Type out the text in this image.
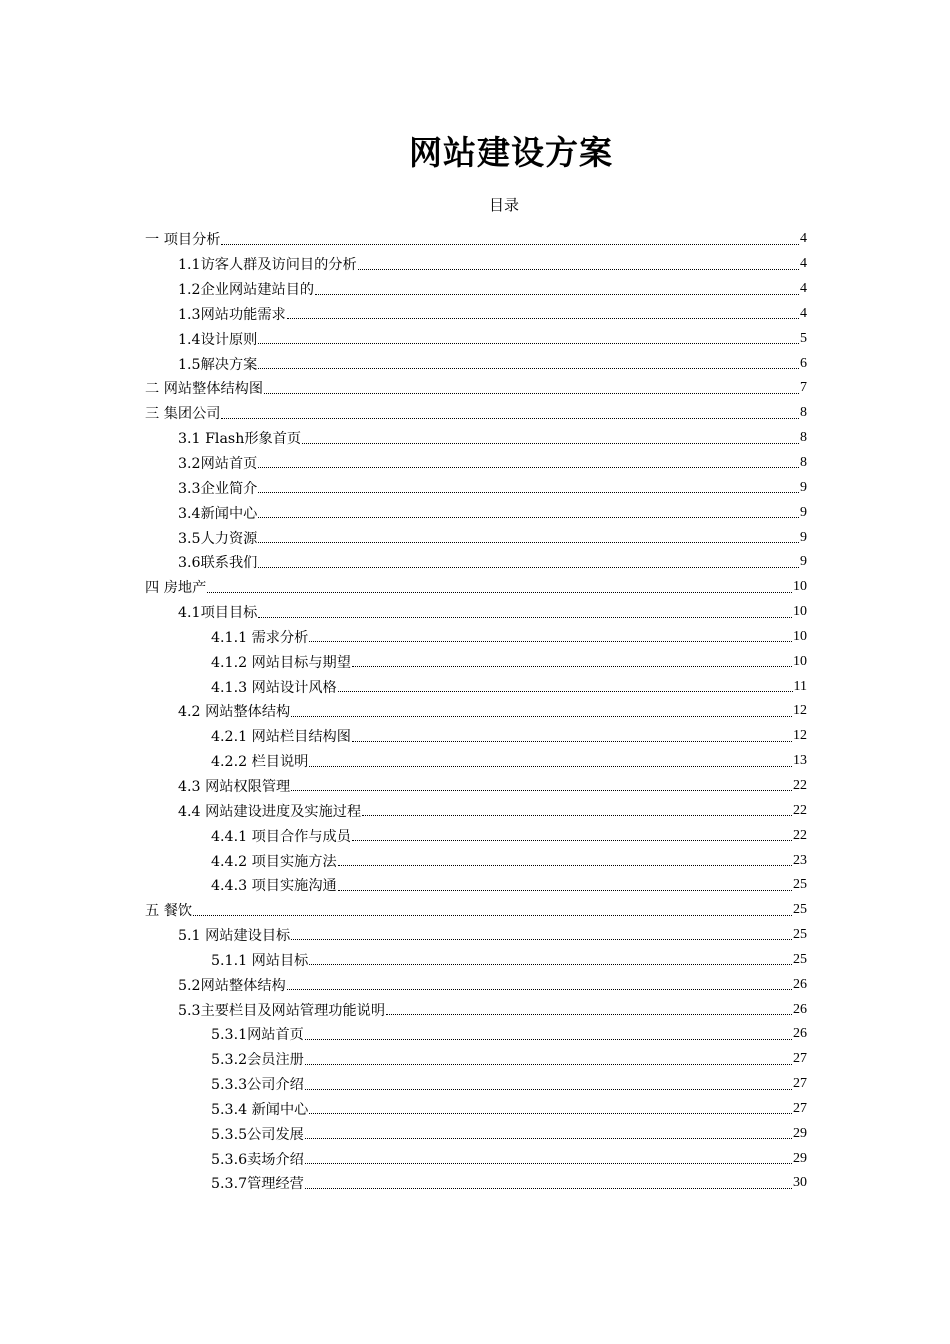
网站建设方案
目录
一 项目分析	4
1.1访客人群及访问目的分析	4
1.2企业网站建站目的	4
1.3网站功能需求	4
1.4设计原则	5
1.5解决方案	6
二 网站整体结构图	7
三 集团公司	8
3.1 Flash形象首页	8
3.2网站首页	8
3.3企业简介	9
3.4新闻中心	9
3.5人力资源	9
3.6联系我们	9
四 房地产	10
4.1项目目标	10
4.1.1 需求分析	10
4.1.2 网站目标与期望	10
4.1.3 网站设计风格	11
4.2 网站整体结构	12
4.2.1 网站栏目结构图	12
4.2.2 栏目说明	13
4.3 网站权限管理	22
4.4 网站建设进度及实施过程	22
4.4.1 项目合作与成员	22
4.4.2 项目实施方法	23
4.4.3 项目实施沟通	25
五 餐饮	25
5.1 网站建设目标	25
5.1.1 网站目标	25
5.2网站整体结构	26
5.3主要栏目及网站管理功能说明	26
5.3.1网站首页	26
5.3.2会员注册	27
5.3.3公司介绍	27
5.3.4 新闻中心	27
5.3.5公司发展	29
5.3.6卖场介绍	29
5.3.7管理经营	30
